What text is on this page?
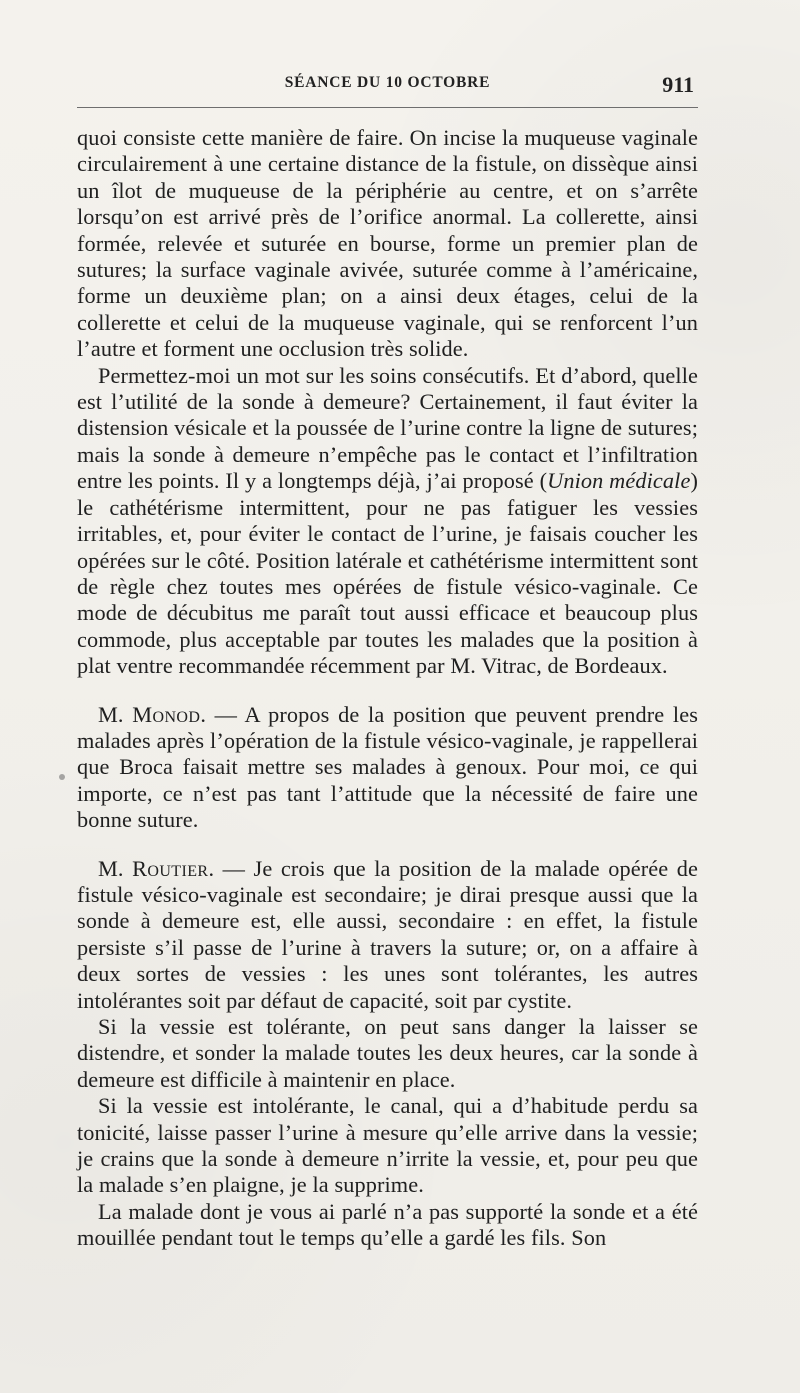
SÉANCE DU 10 OCTOBRE	911

quoi consiste cette manière de faire. On incise la muqueuse vaginale circulairement à une certaine distance de la fistule, on dissèque ainsi un îlot de muqueuse de la périphérie au centre, et on s’arrête lorsqu’on est arrivé près de l’orifice anormal. La collerette, ainsi formée, relevée et suturée en bourse, forme un premier plan de sutures; la surface vaginale avivée, suturée comme à l’américaine, forme un deuxième plan; on a ainsi deux étages, celui de la collerette et celui de la muqueuse vaginale, qui se renforcent l’un l’autre et forment une occlusion très solide.

Permettez-moi un mot sur les soins consécutifs. Et d’abord, quelle est l’utilité de la sonde à demeure? Certainement, il faut éviter la distension vésicale et la poussée de l’urine contre la ligne de sutures; mais la sonde à demeure n’empêche pas le contact et l’infiltration entre les points. Il y a longtemps déjà, j’ai proposé (Union médicale) le cathétérisme intermittent, pour ne pas fatiguer les vessies irritables, et, pour éviter le contact de l’urine, je faisais coucher les opérées sur le côté. Position latérale et cathétérisme intermittent sont de règle chez toutes mes opérées de fistule vésico-vaginale. Ce mode de décubitus me paraît tout aussi efficace et beaucoup plus commode, plus acceptable par toutes les malades que la position à plat ventre recommandée récemment par M. Vitrac, de Bordeaux.

M. Monod. — A propos de la position que peuvent prendre les malades après l’opération de la fistule vésico-vaginale, je rappellerai que Broca faisait mettre ses malades à genoux. Pour moi, ce qui importe, ce n’est pas tant l’attitude que la nécessité de faire une bonne suture.

M. Routier. — Je crois que la position de la malade opérée de fistule vésico-vaginale est secondaire; je dirai presque aussi que la sonde à demeure est, elle aussi, secondaire : en effet, la fistule persiste s’il passe de l’urine à travers la suture; or, on a affaire à deux sortes de vessies : les unes sont tolérantes, les autres intolérantes soit par défaut de capacité, soit par cystite.

Si la vessie est tolérante, on peut sans danger la laisser se distendre, et sonder la malade toutes les deux heures, car la sonde à demeure est difficile à maintenir en place.

Si la vessie est intolérante, le canal, qui a d’habitude perdu sa tonicité, laisse passer l’urine à mesure qu’elle arrive dans la vessie; je crains que la sonde à demeure n’irrite la vessie, et, pour peu que la malade s’en plaigne, je la supprime.

La malade dont je vous ai parlé n’a pas supporté la sonde et a été mouillée pendant tout le temps qu’elle a gardé les fils. Son
